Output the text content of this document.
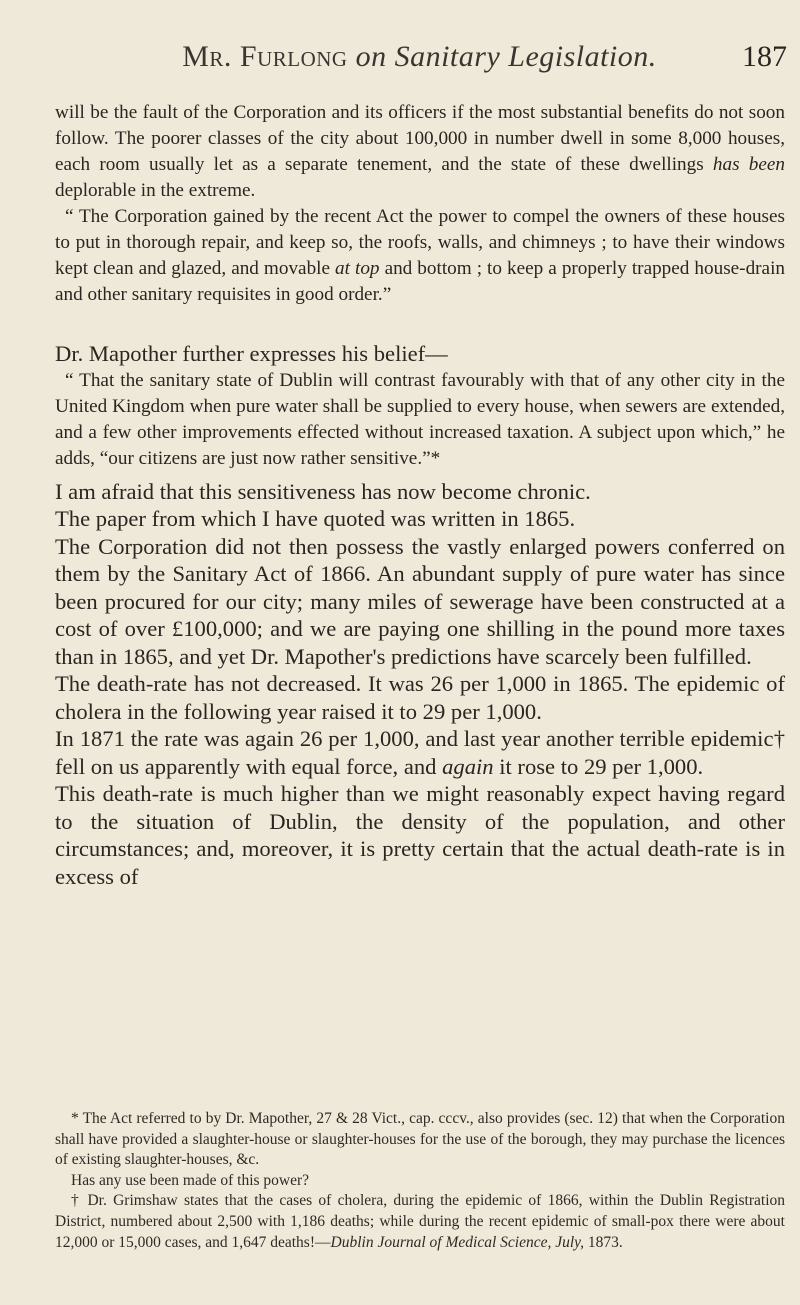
Mr. Furlong on Sanitary Legislation.	187

will be the fault of the Corporation and its officers if the most substantial benefits do not soon follow. The poorer classes of the city about 100,000 in number dwell in some 8,000 houses, each room usually let as a separate tenement, and the state of these dwellings has been deplorable in the extreme.

“ The Corporation gained by the recent Act the power to compel the owners of these houses to put in thorough repair, and keep so, the roofs, walls, and chimneys ; to have their windows kept clean and glazed, and movable at top and bottom ; to keep a properly trapped house-drain and other sanitary requisites in good order.”

Dr. Mapother further expresses his belief—

“ That the sanitary state of Dublin will contrast favourably with that of any other city in the United Kingdom when pure water shall be supplied to every house, when sewers are extended, and a few other improvements effected without increased taxation. A subject upon which,” he adds, “our citizens are just now rather sensitive.”*

I am afraid that this sensitiveness has now become chronic.

The paper from which I have quoted was written in 1865.

The Corporation did not then possess the vastly enlarged powers conferred on them by the Sanitary Act of 1866. An abundant supply of pure water has since been procured for our city; many miles of sewerage have been constructed at a cost of over £100,000; and we are paying one shilling in the pound more taxes than in 1865, and yet Dr. Mapother's predictions have scarcely been fulfilled.

The death-rate has not decreased. It was 26 per 1,000 in 1865. The epidemic of cholera in the following year raised it to 29 per 1,000.

In 1871 the rate was again 26 per 1,000, and last year another terrible epidemic† fell on us apparently with equal force, and again it rose to 29 per 1,000.

This death-rate is much higher than we might reasonably expect having regard to the situation of Dublin, the density of the population, and other circumstances; and, moreover, it is pretty certain that the actual death-rate is in excess of

* The Act referred to by Dr. Mapother, 27 & 28 Vict., cap. cccv., also provides (sec. 12) that when the Corporation shall have provided a slaughter-house or slaughter-houses for the use of the borough, they may purchase the licences of existing slaughter-houses, &c.

Has any use been made of this power?

† Dr. Grimshaw states that the cases of cholera, during the epidemic of 1866, within the Dublin Registration District, numbered about 2,500 with 1,186 deaths; while during the recent epidemic of small-pox there were about 12,000 or 15,000 cases, and 1,647 deaths!—Dublin Journal of Medical Science, July, 1873.
